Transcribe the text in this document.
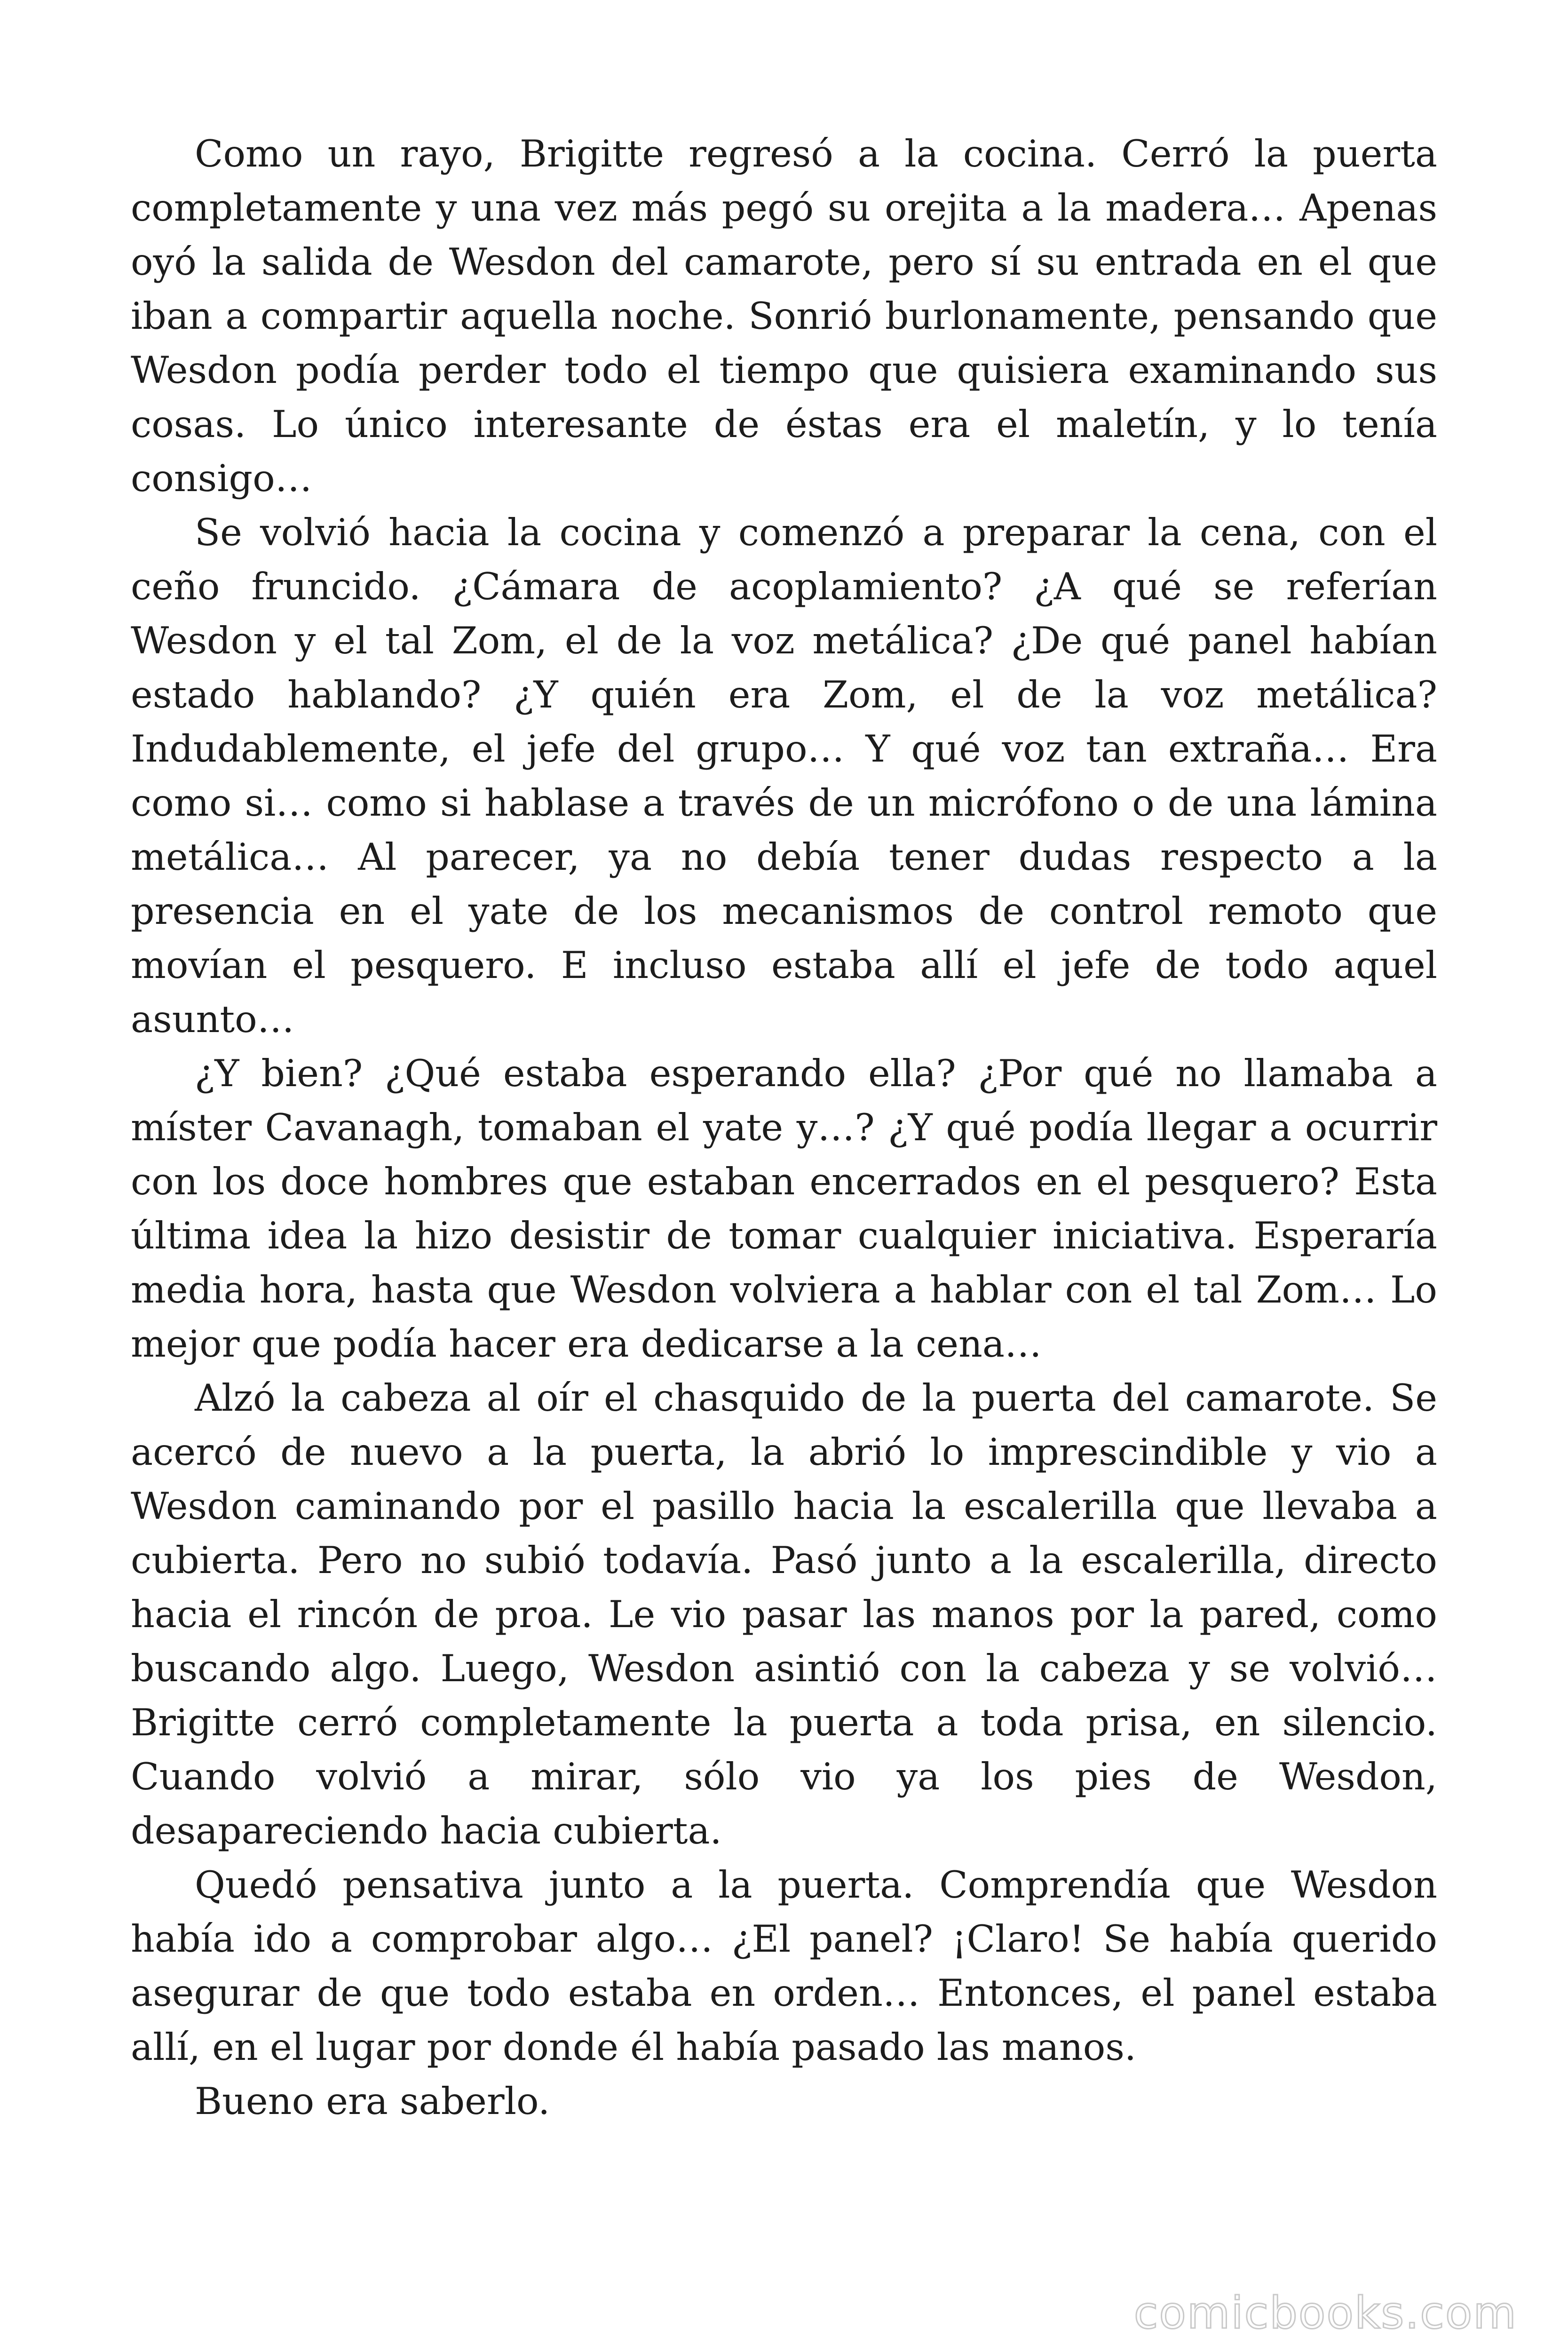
Como un rayo, Brigitte regresó a la cocina. Cerró la puerta completamente y una vez más pegó su orejita a la madera… Apenas oyó la salida de Wesdon del camarote, pero sí su entrada en el que iban a compartir aquella noche. Sonrió burlonamente, pensando que Wesdon podía perder todo el tiempo que quisiera examinando sus cosas. Lo único interesante de éstas era el maletín, y lo tenía consigo…

Se volvió hacia la cocina y comenzó a preparar la cena, con el ceño fruncido. ¿Cámara de acoplamiento? ¿A qué se referían Wesdon y el tal Zom, el de la voz metálica? ¿De qué panel habían estado hablando? ¿Y quién era Zom, el de la voz metálica? Indudablemente, el jefe del grupo… Y qué voz tan extraña… Era como si… como si hablase a través de un micrófono o de una lámina metálica… Al parecer, ya no debía tener dudas respecto a la presencia en el yate de los mecanismos de control remoto que movían el pesquero. E incluso estaba allí el jefe de todo aquel asunto…

¿Y bien? ¿Qué estaba esperando ella? ¿Por qué no llamaba a míster Cavanagh, tomaban el yate y…? ¿Y qué podía llegar a ocurrir con los doce hombres que estaban encerrados en el pesquero? Esta última idea la hizo desistir de tomar cualquier iniciativa. Esperaría media hora, hasta que Wesdon volviera a hablar con el tal Zom… Lo mejor que podía hacer era dedicarse a la cena…

Alzó la cabeza al oír el chasquido de la puerta del camarote. Se acercó de nuevo a la puerta, la abrió lo imprescindible y vio a Wesdon caminando por el pasillo hacia la escalerilla que llevaba a cubierta. Pero no subió todavía. Pasó junto a la escalerilla, directo hacia el rincón de proa. Le vio pasar las manos por la pared, como buscando algo. Luego, Wesdon asintió con la cabeza y se volvió… Brigitte cerró completamente la puerta a toda prisa, en silencio. Cuando volvió a mirar, sólo vio ya los pies de Wesdon, desapareciendo hacia cubierta.

Quedó pensativa junto a la puerta. Comprendía que Wesdon había ido a comprobar algo… ¿El panel? ¡Claro! Se había querido asegurar de que todo estaba en orden… Entonces, el panel estaba allí, en el lugar por donde él había pasado las manos.

Bueno era saberlo.

comicbooks.com
